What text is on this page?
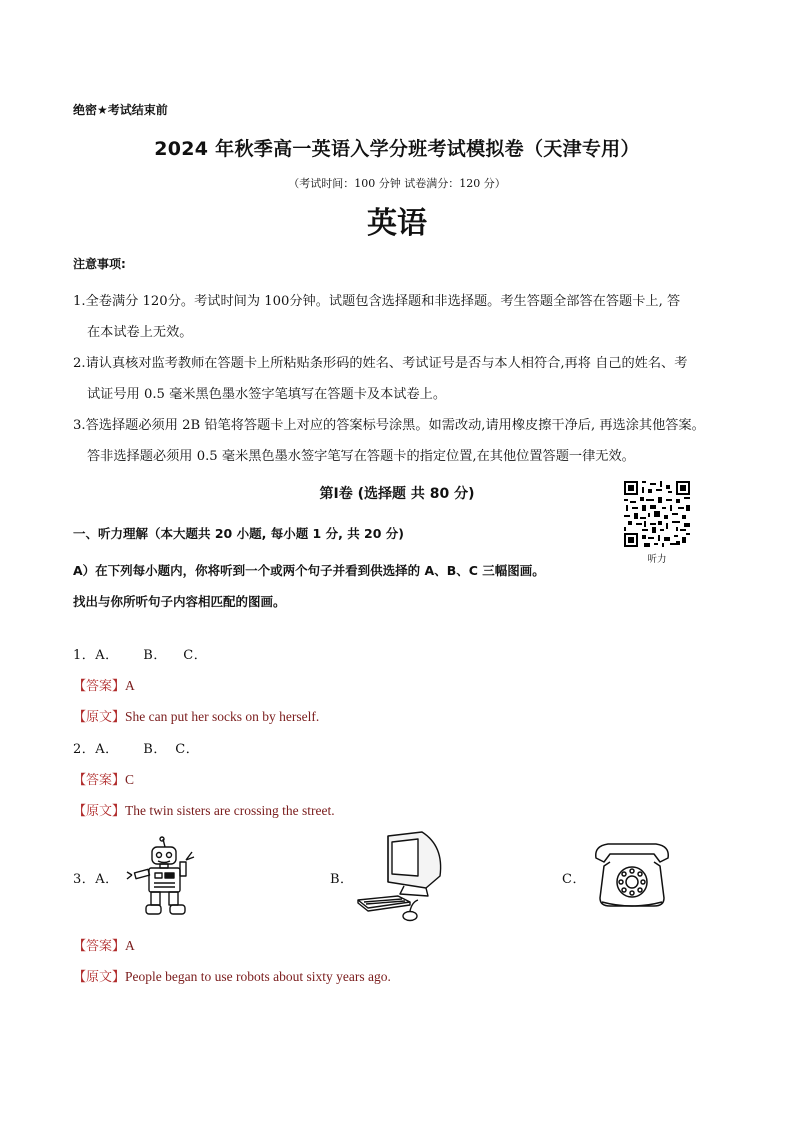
绝密★考试结束前
2024 年秋季高一英语入学分班考试模拟卷（天津专用）
（考试时间：100 分钟 试卷满分：120 分）
英语
注意事项:
1.全卷满分 120分。考试时间为 100分钟。试题包含选择题和非选择题。考生答题全部答在答题卡上, 答
在本试卷上无效。
2.请认真核对监考教师在答题卡上所粘贴条形码的姓名、考试证号是否与本人相符合,再将 自己的姓名、考
试证号用 0.5 毫米黑色墨水签字笔填写在答题卡及本试卷上。
3.答选择题必须用 2B 铅笔将答题卡上对应的答案标号涂黑。如需改动,请用橡皮擦干净后, 再选涂其他答案。
答非选择题必须用 0.5 毫米黑色墨水签字笔写在答题卡的指定位置,在其他位置答题一律无效。
第Ⅰ卷 (选择题 共 80 分)
听力
一、听力理解（本大题共 20 小题, 每小题 1 分, 共 20 分)
A）在下列每小题内，你将听到一个或两个句子并看到供选择的 A、B、C 三幅图画。
找出与你所听句子内容相匹配的图画。
1．A． B． C．
【答案】A
【原文】She can put her socks on by herself.
2．A． B． C．
【答案】C
【原文】The twin sisters are crossing the street.
3．A．	B．	C．
【答案】A
【原文】People began to use robots about sixty years ago.
